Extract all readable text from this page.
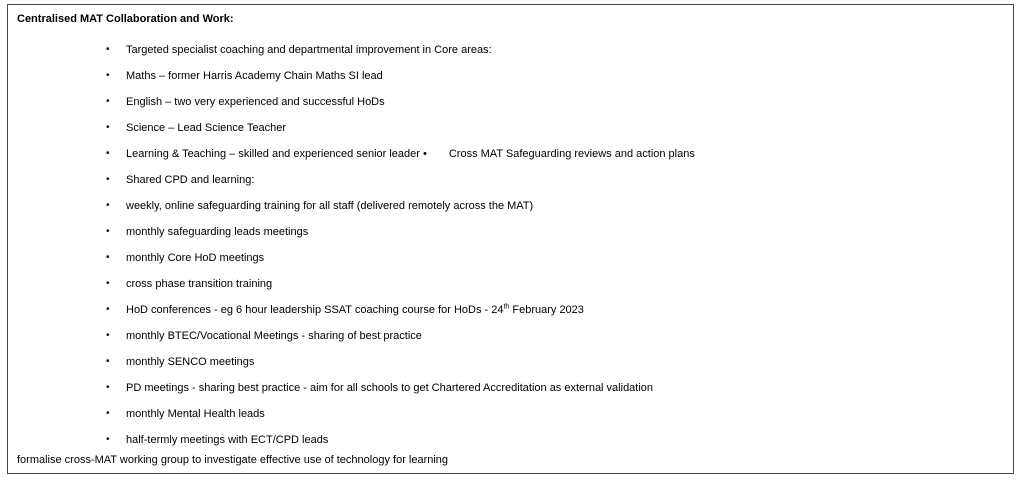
Centralised MAT Collaboration and Work:
• Targeted specialist coaching and departmental improvement in Core areas:
• Maths – former Harris Academy Chain Maths SI lead
• English – two very experienced and successful HoDs
• Science – Lead Science Teacher
• Learning & Teaching – skilled and experienced senior leader • Cross MAT Safeguarding reviews and action plans
• Shared CPD and learning:
• weekly, online safeguarding training for all staff (delivered remotely across the MAT)
• monthly safeguarding leads meetings
• monthly Core HoD meetings
• cross phase transition training
• HoD conferences - eg 6 hour leadership SSAT coaching course for HoDs - 24th February 2023
• monthly BTEC/Vocational Meetings - sharing of best practice
• monthly SENCO meetings
• PD meetings - sharing best practice - aim for all schools to get Chartered Accreditation as external validation
• monthly Mental Health leads
• half-termly meetings with ECT/CPD leads
formalise cross-MAT working group to investigate effective use of technology for learning
